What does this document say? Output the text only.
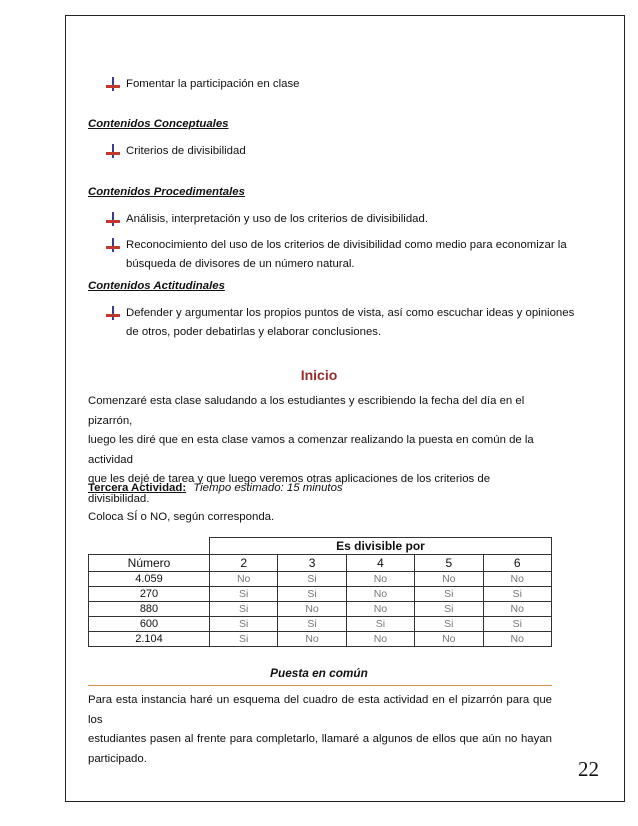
Fomentar la participación en clase
Contenidos Conceptuales
Criterios de divisibilidad
Contenidos Procedimentales
Análisis, interpretación y uso de los criterios de divisibilidad.
Reconocimiento del uso de los criterios de divisibilidad como medio para economizar la
búsqueda de divisores de un número natural.
Contenidos Actitudinales
Defender y argumentar los propios puntos de vista, así como escuchar ideas y opiniones
de otros, poder debatirlas y elaborar conclusiones.
Inicio
Comenzaré esta clase saludando a los estudiantes y escribiendo la fecha del día en el pizarrón,
luego les diré que en esta clase vamos a comenzar realizando la puesta en común de la actividad
que les dejé de tarea y que luego veremos otras aplicaciones de los criterios de divisibilidad.
Tercera Actividad: Tiempo estimado: 15 minutos
Coloca SÍ o NO, según corresponda.
	Es divisible por				
Número	2	3	4	5	6
4.059	No	Si	No	No	No
270	Si	Si	No	Si	Si
880	Si	No	No	Si	No
600	Si	Si	Si	Si	Si
2.104	Si	No	No	No	No
Puesta en común
Para esta instancia haré un esquema del cuadro de esta actividad en el pizarrón para que los
estudiantes pasen al frente para completarlo, llamaré a algunos de ellos que aún no hayan
participado.	22
